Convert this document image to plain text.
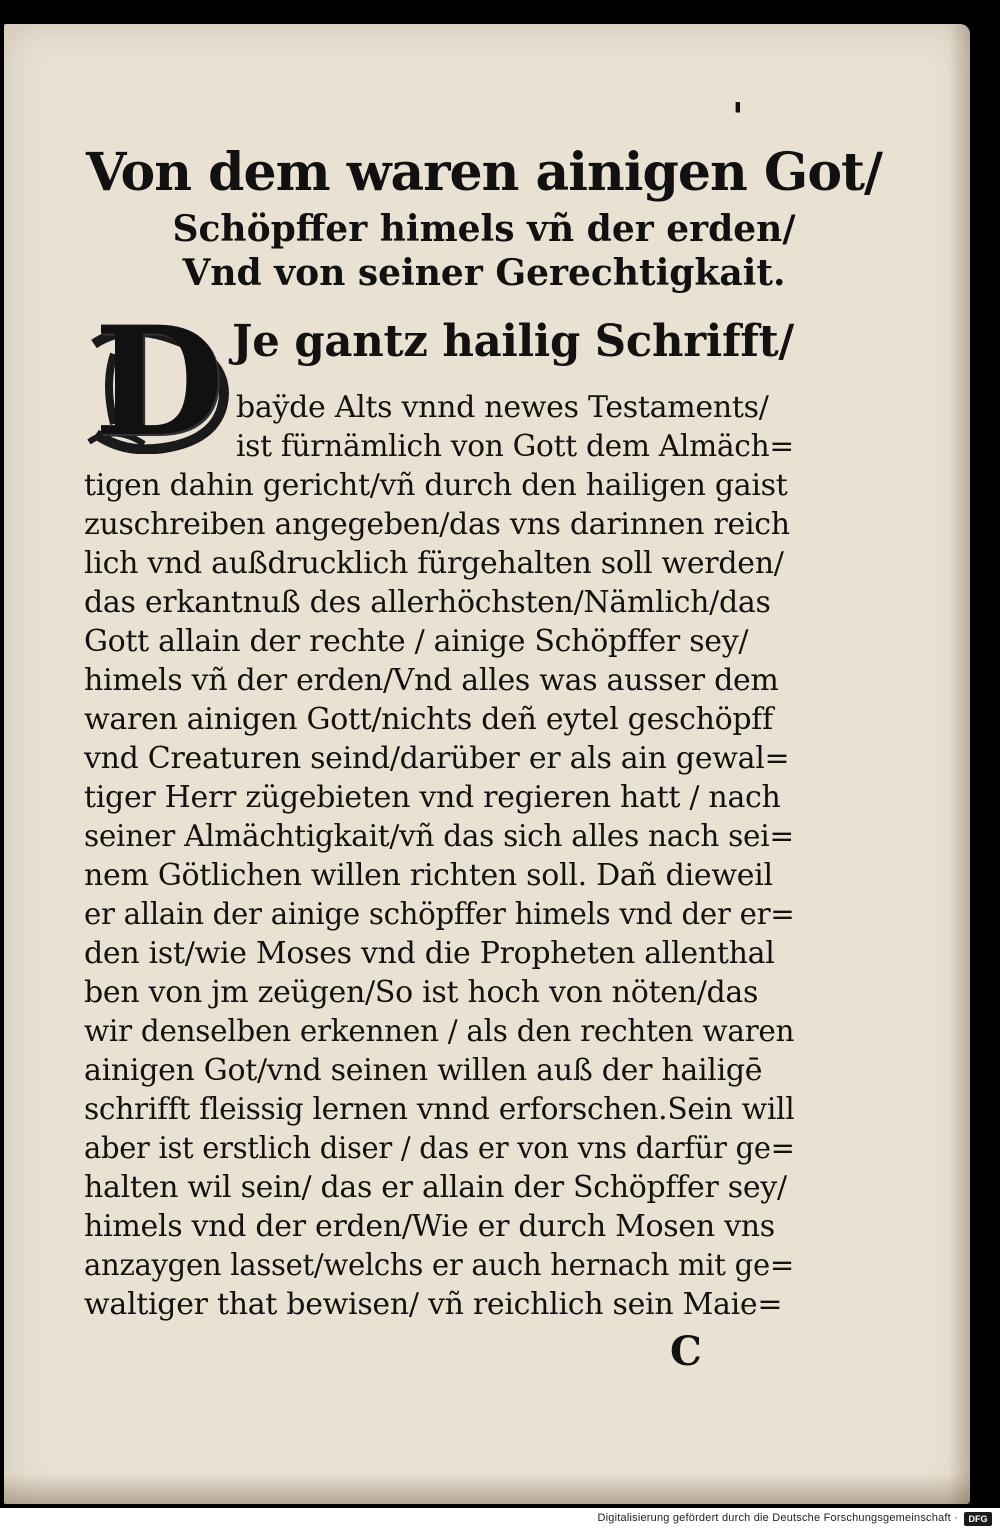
'
Von dem waren ainigen Got/
Schöpffer himels vñ der erden/
Vnd von seiner Gerechtigkait.
D Je gantz hailig Schrifft/
baÿde Alts vnnd newes Testaments/
ist fürnämlich von Gott dem Almäch=
tigen dahin gericht/vñ durch den hailigen gaist
zuschreiben angegeben/das vns darinnen reich
lich vnd außdrucklich fürgehalten soll werden/
das erkantnuß des allerhöchsten/Nämlich/das
Gott allain der rechte / ainige Schöpffer sey/
himels vñ der erden/Vnd alles was ausser dem
waren ainigen Gott/nichts deñ eytel geschöpff
vnd Creaturen seind/darüber er als ain gewal=
tiger Herr zügebieten vnd regieren hatt / nach
seiner Almächtigkait/vñ das sich alles nach sei=
nem Götlichen willen richten soll. Dañ dieweil
er allain der ainige schöpffer himels vnd der er=
den ist/wie Moses vnd die Propheten allenthal
ben von jm zeügen/So ist hoch von nöten/das
wir denselben erkennen / als den rechten waren
ainigen Got/vnd seinen willen auß der hailigē
schrifft fleissig lernen vnnd erforschen.Sein will
aber ist erstlich diser / das er von vns darfür ge=
halten wil sein/ das er allain der Schöpffer sey/
himels vnd der erden/Wie er durch Mosen vns
anzaygen lasset/welchs er auch hernach mit ge=
waltiger that bewisen/ vñ reichlich sein Maie=
C
Digitalisierung gefördert durch die Deutsche Forschungsgemeinschaft ·	DFG
